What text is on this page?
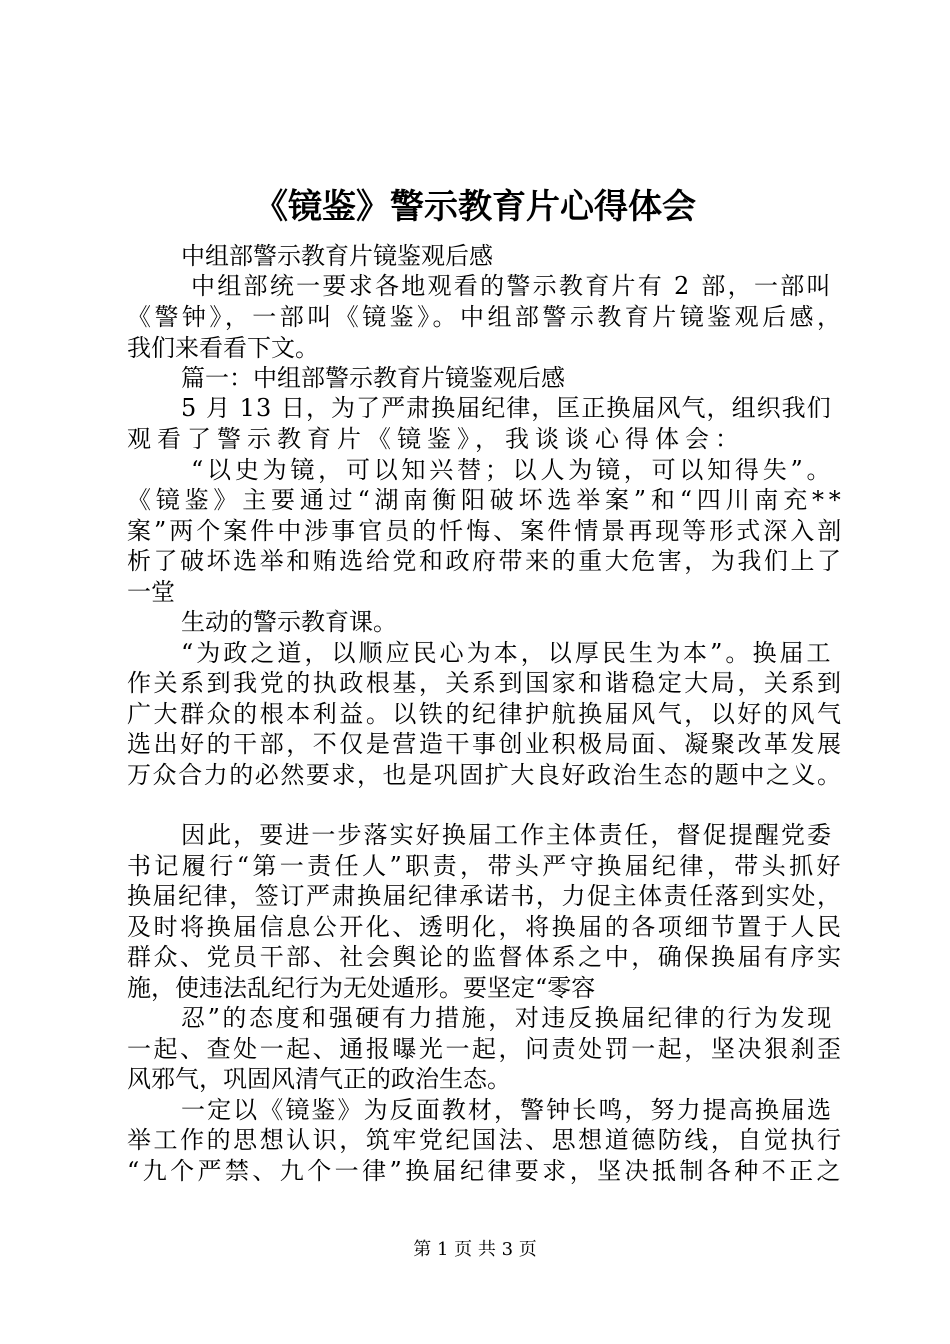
《镜鉴》警示教育片心得体会
中组部警示教育片镜鉴观后感
中组部统一要求各地观看的警示教育片有 2 部，一部叫
《警钟》，一部叫《镜鉴》。中组部警示教育片镜鉴观后感，
我们来看看下文。
篇一：中组部警示教育片镜鉴观后感
5 月 13 日，为了严肃换届纪律，匡正换届风气，组织我们
观看了警示教育片《镜鉴》，我谈谈心得体会：
“以史为镜，可以知兴替；以人为镜，可以知得失”。
《镜鉴》主要通过“湖南衡阳破坏选举案”和“四川南充**
案”两个案件中涉事官员的忏悔、案件情景再现等形式深入剖
析了破坏选举和贿选给党和政府带来的重大危害，为我们上了
一堂
生动的警示教育课。
“为政之道，以顺应民心为本，以厚民生为本”。换届工
作关系到我党的执政根基，关系到国家和谐稳定大局，关系到
广大群众的根本利益。以铁的纪律护航换届风气，以好的风气
选出好的干部，不仅是营造干事创业积极局面、凝聚改革发展
万众合力的必然要求，也是巩固扩大良好政治生态的题中之义。
因此，要进一步落实好换届工作主体责任，督促提醒党委
书记履行“第一责任人”职责，带头严守换届纪律，带头抓好
换届纪律，签订严肃换届纪律承诺书，力促主体责任落到实处，
及时将换届信息公开化、透明化，将换届的各项细节置于人民
群众、党员干部、社会舆论的监督体系之中，确保换届有序实
施，使违法乱纪行为无处遁形。要坚定“零容
忍”的态度和强硬有力措施，对违反换届纪律的行为发现
一起、查处一起、通报曝光一起，问责处罚一起，坚决狠刹歪
风邪气，巩固风清气正的政治生态。
一定以《镜鉴》为反面教材，警钟长鸣，努力提高换届选
举工作的思想认识，筑牢党纪国法、思想道德防线，自觉执行
“九个严禁、九个一律”换届纪律要求，坚决抵制各种不正之
第 1 页 共 3 页
